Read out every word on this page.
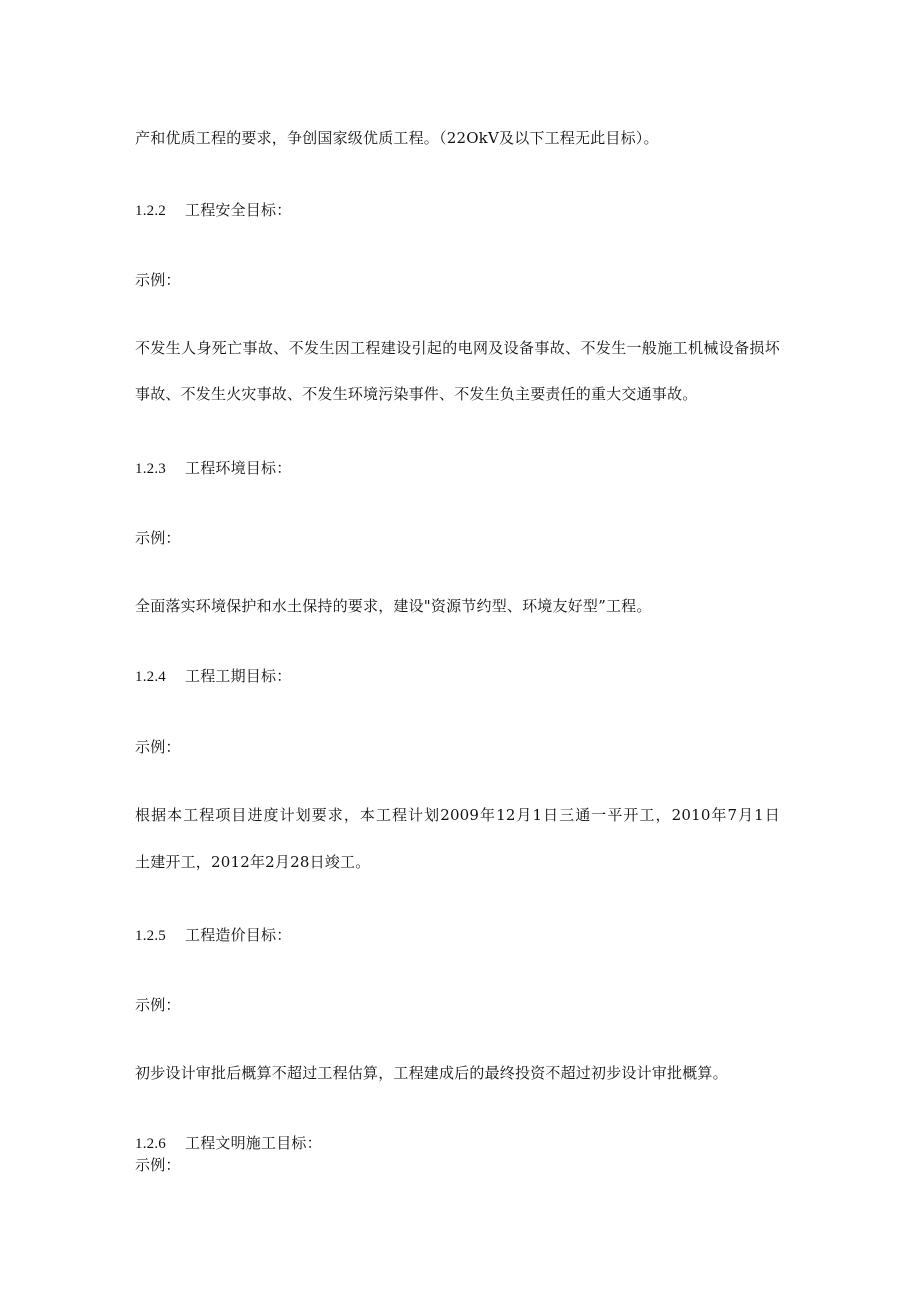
产和优质工程的要求，争创国家级优质工程。（22OkV及以下工程无此目标）。
1.2.2 工程安全目标：
示例：
不发生人身死亡事故、不发生因工程建设引起的电网及设备事故、不发生一般施工机械设备损坏
事故、不发生火灾事故、不发生环境污染事件、不发生负主要责任的重大交通事故。
1.2.3 工程环境目标：
示例：
全面落实环境保护和水土保持的要求，建设"资源节约型、环境友好型”工程。
1.2.4 工程工期目标：
示例：
根据本工程项目进度计划要求，本工程计划2009年12月1日三通一平开工，2010年7月1日
土建开工，2012年2月28日竣工。
1.2.5 工程造价目标：
示例：
初步设计审批后概算不超过工程估算，工程建成后的最终投资不超过初步设计审批概算。
1.2.6 工程文明施工目标：
示例：
